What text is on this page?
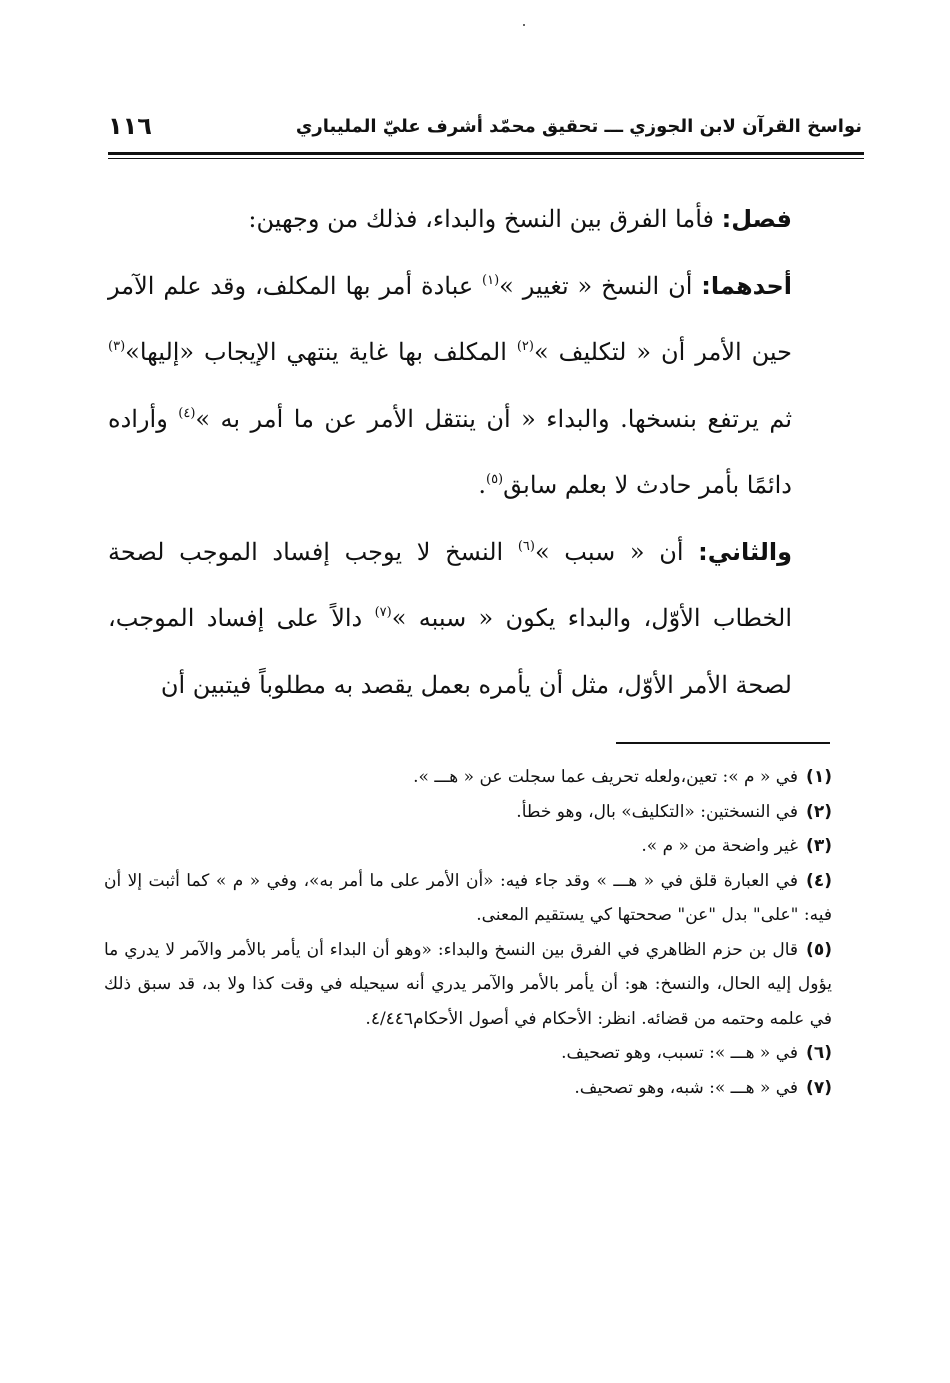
نواسخ القرآن لابن الجوزي ـــ تحقيق محمّد أشرف عليّ المليباري
١١٦

فصل: فأما الفرق بين النسخ والبداء، فذلك من وجهين:

أحدهما: أن النسخ « تغيير »$^{(١)}$ عبادة أمر بها المكلف، وقد علم الآمر حين الأمر أن « لتكليف »$^{(٢)}$ المكلف بها غاية ينتهي الإيجاب «إليها»$^{(٣)}$ ثم يرتفع بنسخها. والبداء « أن ينتقل الأمر عن ما أمر به »$^{(٤)}$ وأراده دائمًا بأمر حادث لا بعلم سابق$^{(٥)}$.

والثاني: أن « سبب »$^{(٦)}$ النسخ لا يوجب إفساد الموجب لصحة الخطاب الأوّل، والبداء يكون « سببه »$^{(٧)}$ دالاً على إفساد الموجب، لصحة الأمر الأوّل، مثل أن يأمره بعمل يقصد به مطلوباً فيتبين أن

(١)في « م »: تعين،ولعله تحريف عما سجلت عن « هـــ ».

(٢)في النسختين: «التكليف» بال، وهو خطأ.

(٣)غير واضحة من « م ».

(٤)في العبارة قلق في « هـــ » وقد جاء فيه: «أن الأمر على ما أمر به»، وفي « م » كما أثبت إلا أن فيه: "على" بدل "عن" صححتها كي يستقيم المعنى.

(٥)قال بن حزم الظاهري في الفرق بين النسخ والبداء: «وهو أن البداء أن يأمر بالأمر والآمر لا يدري ما يؤول إليه الحال، والنسخ: هو: أن يأمر بالأمر والآمر يدري أنه سيحيله في وقت كذا ولا بد، قد سبق ذلك في علمه وحتمه من قضائه. انظر: الأحكام في أصول الأحكام٤/٤٤٦.

(٦)في « هـــ »: تسبب، وهو تصحيف.

(٧)في « هـــ »: شبه، وهو تصحيف.
